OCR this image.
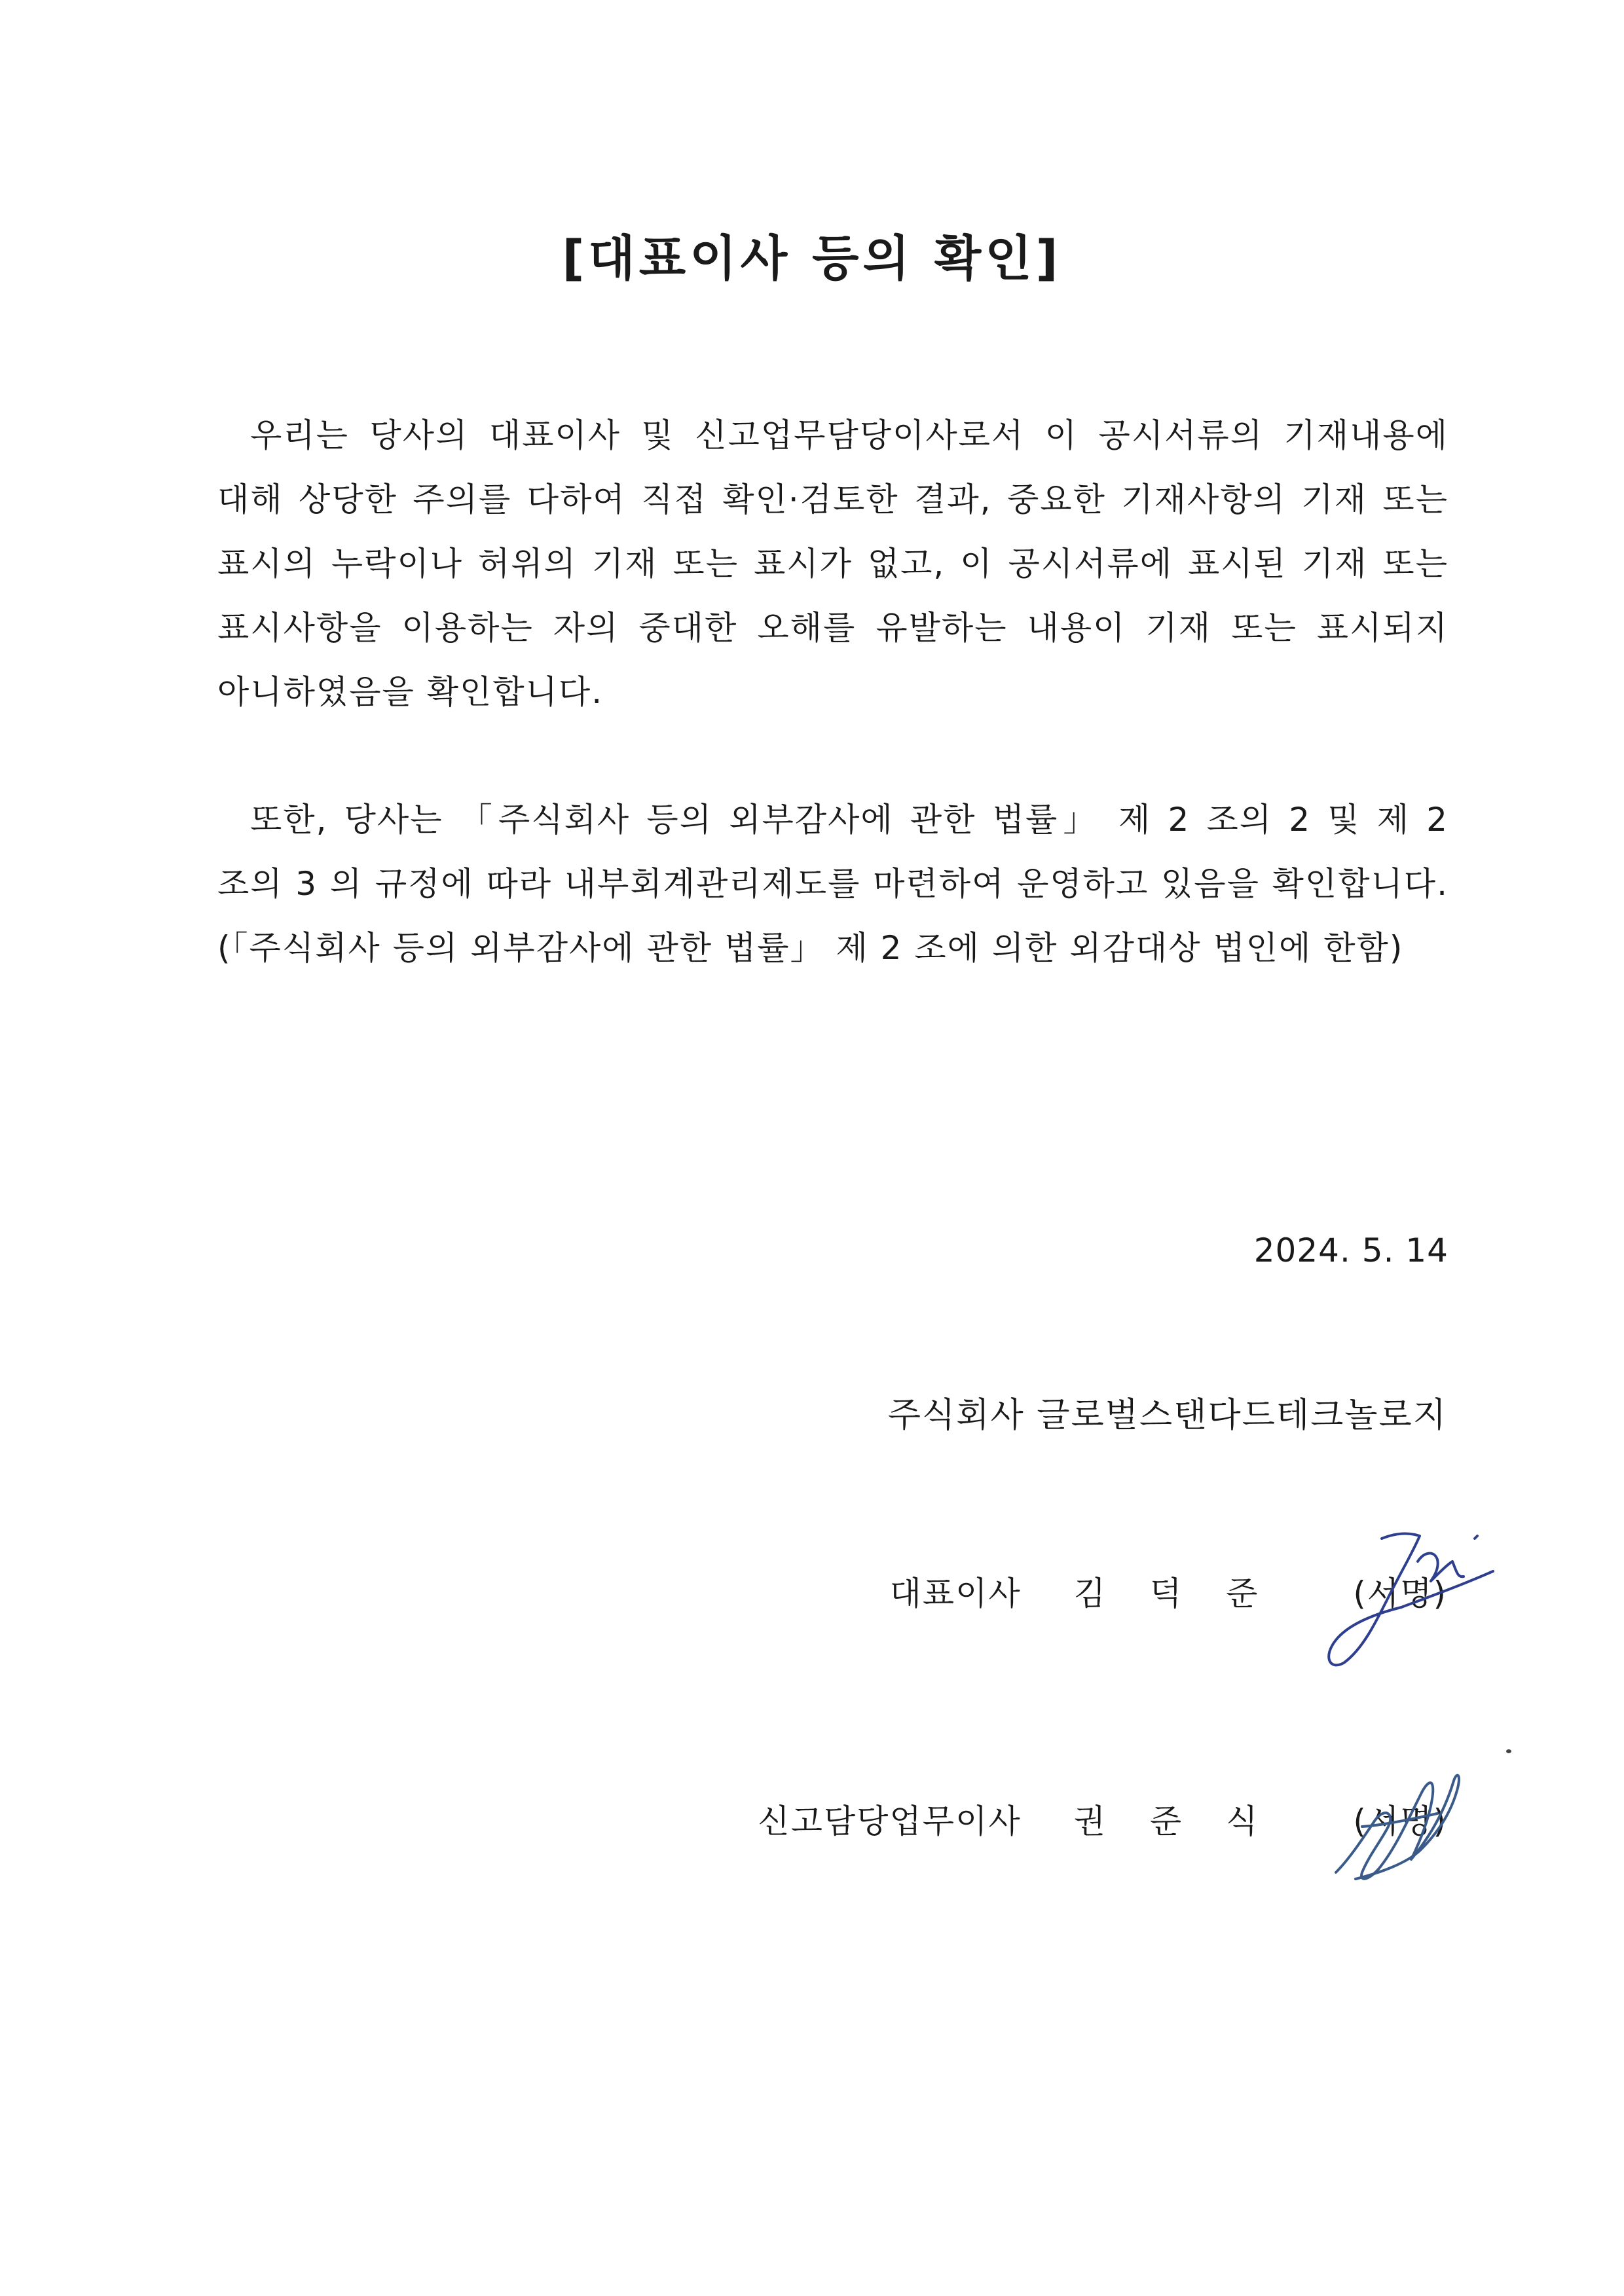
[대표이사 등의 확인]

우리는 당사의 대표이사 및 신고업무담당이사로서 이 공시서류의 기재내용에 대해 상당한 주의를 다하여 직접 확인·검토한 결과, 중요한 기재사항의 기재 또는 표시의 누락이나 허위의 기재 또는 표시가 없고, 이 공시서류에 표시된 기재 또는 표시사항을 이용하는 자의 중대한 오해를 유발하는 내용이 기재 또는 표시되지 아니하였음을 확인합니다.

또한, 당사는 「주식회사 등의 외부감사에 관한 법률」 제 2 조의 2 및 제 2 조의 3 의 규정에 따라 내부회계관리제도를 마련하여 운영하고 있음을 확인합니다.(「주식회사 등의 외부감사에 관한 법률」 제 2 조에 의한 외감대상 법인에 한함)

2024. 5. 14
주식회사 글로벌스탠다드테크놀로지
대표이사 김 덕 준 (서명)
신고담당업무이사 권 준 식 (서명)
